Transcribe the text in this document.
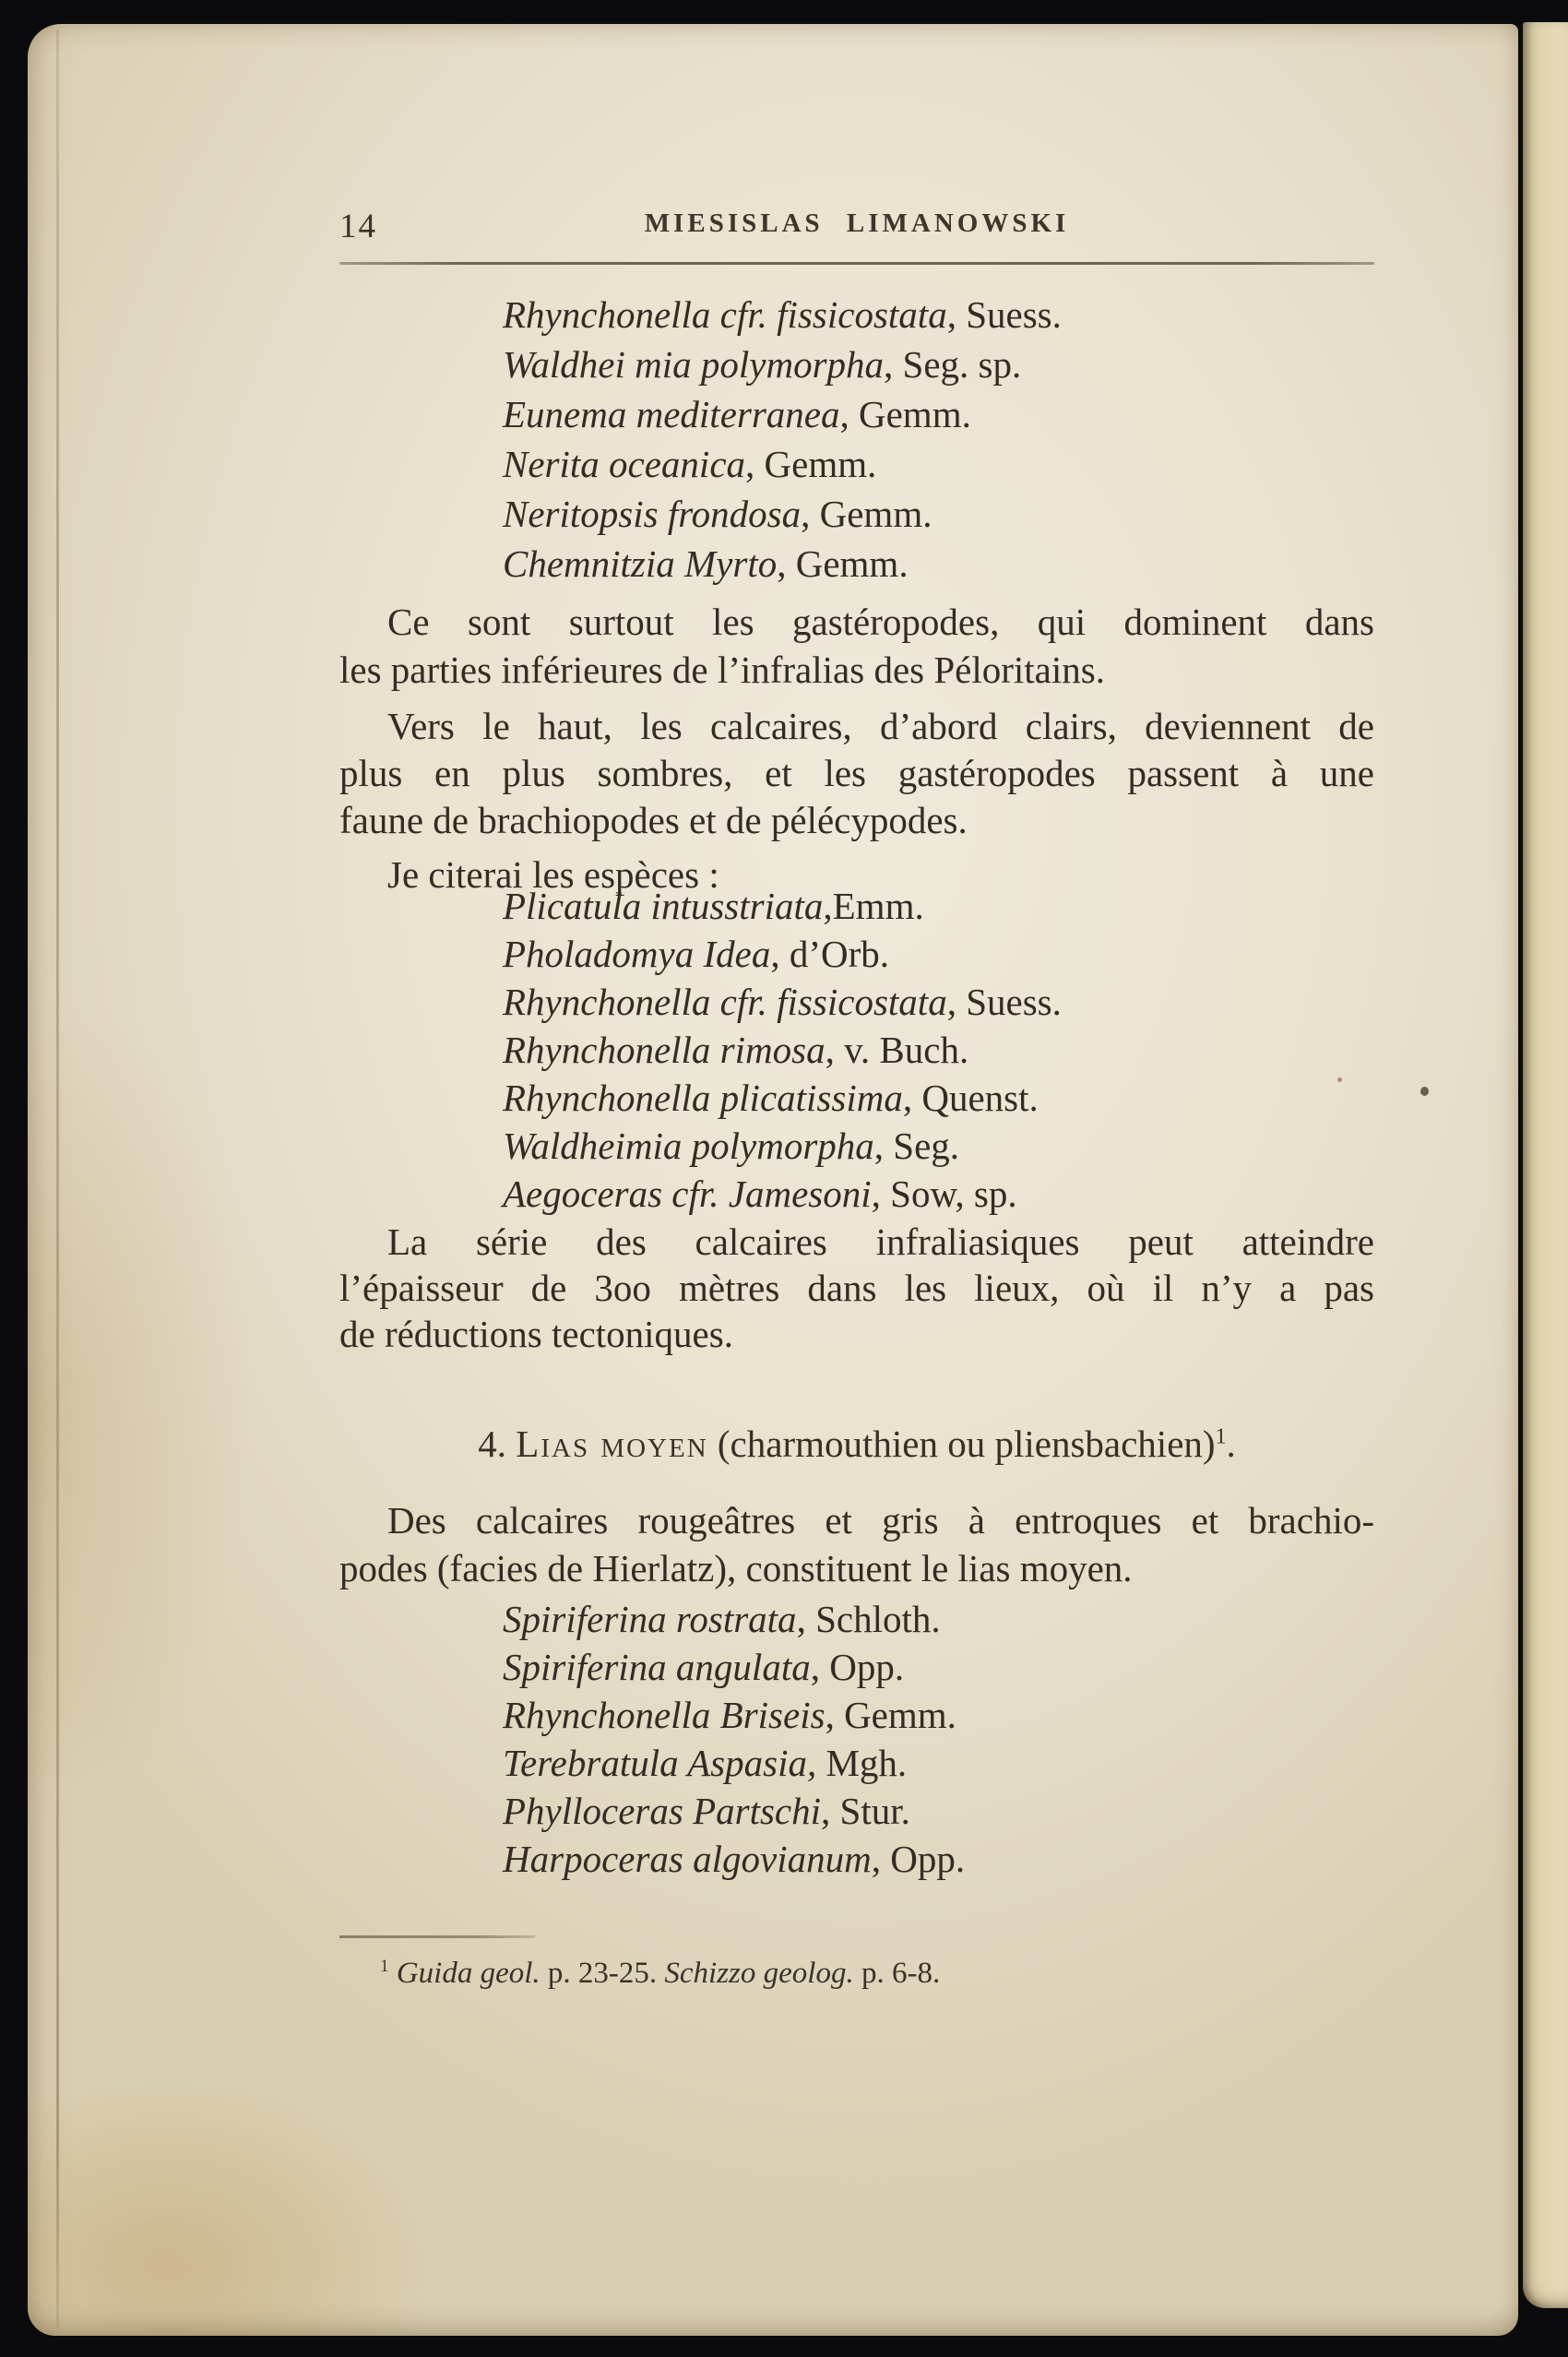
14	MIESISLAS LIMANOWSKI
Rhynchonella cfr. fissicostata, Suess.
Waldhei mia polymorpha, Seg. sp.
Eunema mediterranea, Gemm.
Nerita oceanica, Gemm.
Neritopsis frondosa, Gemm.
Chemnitzia Myrto, Gemm.
Ce sont surtout les gastéropodes, qui dominent dans
les parties inférieures de l’infralias des Péloritains.
Vers le haut, les calcaires, d’abord clairs, deviennent de
plus en plus sombres, et les gastéropodes passent à une
faune de brachiopodes et de pélécypodes.
Je citerai les espèces :
Plicatula intusstriata,Emm.
Pholadomya Idea, d’Orb.
Rhynchonella cfr. fissicostata, Suess.
Rhynchonella rimosa, v. Buch.
Rhynchonella plicatissima, Quenst.
Waldheimia polymorpha, Seg.
Aegoceras cfr. Jamesoni, Sow, sp.
La série des calcaires infraliasiques peut atteindre
l’épaisseur de 3oo mètres dans les lieux, où il n’y a pas
de réductions tectoniques.
4. Lias moyen (charmouthien ou pliensbachien)$^1$.
Des calcaires rougeâtres et gris à entroques et brachio-
podes (facies de Hierlatz), constituent le lias moyen.
Spiriferina rostrata, Schloth.
Spiriferina angulata, Opp.
Rhynchonella Briseis, Gemm.
Terebratula Aspasia, Mgh.
Phylloceras Partschi, Stur.
Harpoceras algovianum, Opp.
$^1$ Guida geol. p. 23-25. Schizzo geolog. p. 6-8.
